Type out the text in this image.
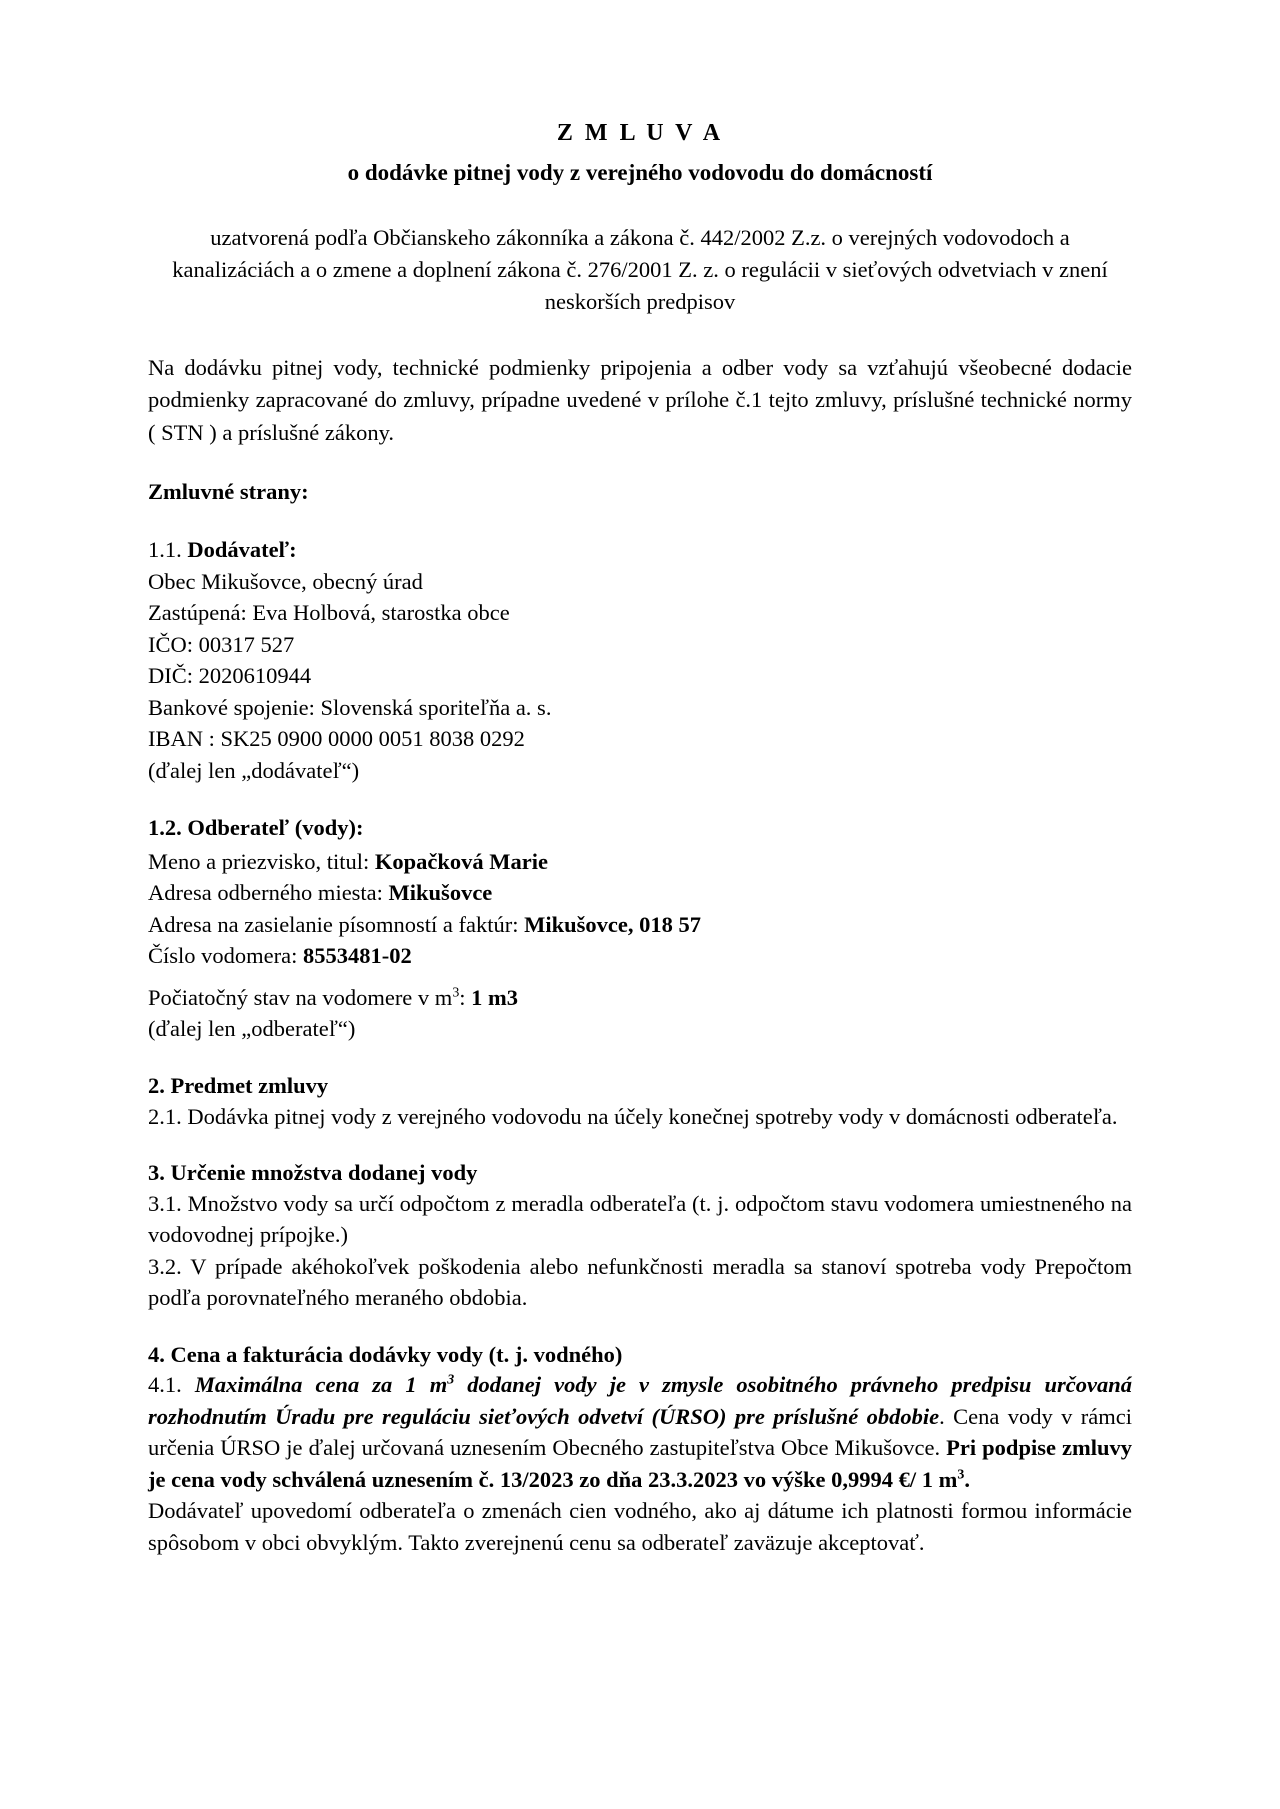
Z M L U V A
o dodávke pitnej vody z verejného vodovodu do domácností
uzatvorená podľa Občianskeho zákonníka a zákona č. 442/2002 Z.z. o verejných vodovodoch a kanalizáciách a o zmene a doplnení zákona č. 276/2001 Z. z. o regulácii v sieťových odvetviach v znení neskorších predpisov
Na dodávku pitnej vody, technické podmienky pripojenia a odber vody sa vzťahujú všeobecné dodacie podmienky zapracované do zmluvy, prípadne uvedené v prílohe č.1 tejto zmluvy, príslušné technické normy ( STN ) a príslušné zákony.
Zmluvné strany:
1.1. Dodávateľ:
Obec Mikušovce, obecný úrad
Zastúpená: Eva Holbová, starostka obce
IČO: 00317 527
DIČ: 2020610944
Bankové spojenie: Slovenská sporiteľňa a. s.
IBAN : SK25 0900 0000 0051 8038 0292
(ďalej len „dodávateľ“)
1.2. Odberateľ (vody):
Meno a priezvisko, titul: Kopačková Marie
Adresa odberného miesta: Mikušovce
Adresa na zasielanie písomností a faktúr: Mikušovce, 018 57
Číslo vodomera: 8553481-02
Počiatočný stav na vodomere v $m^3$: 1 m3
(ďalej len „odberateľ“)
2. Predmet zmluvy
2.1. Dodávka pitnej vody z verejného vodovodu na účely konečnej spotreby vody v domácnosti odberateľa.
3. Určenie množstva dodanej vody
3.1. Množstvo vody sa určí odpočtom z meradla odberateľa (t. j. odpočtom stavu vodomera umiestneného na vodovodnej prípojke.)
3.2. V prípade akéhokoľvek poškodenia alebo nefunkčnosti meradla sa stanoví spotreba vody Prepočtom podľa porovnateľného meraného obdobia.
4. Cena a fakturácia dodávky vody (t. j. vodného)
4.1. Maximálna cena za 1 $m^3$ dodanej vody je v zmysle osobitného právneho predpisu určovaná rozhodnutím Úradu pre reguláciu sieťových odvetví (ÚRSO) pre príslušné obdobie. Cena vody v rámci určenia ÚRSO je ďalej určovaná uznesením Obecného zastupiteľstva Obce Mikušovce. Pri podpise zmluvy je cena vody schválená uznesením č. 13/2023 zo dňa 23.3.2023 vo výške 0,9994 €/ 1 $m^3$.
Dodávateľ upovedomí odberateľa o zmenách cien vodného, ako aj dátume ich platnosti formou informácie spôsobom v obci obvyklým. Takto zverejnenú cenu sa odberateľ zaväzuje akceptovať.
